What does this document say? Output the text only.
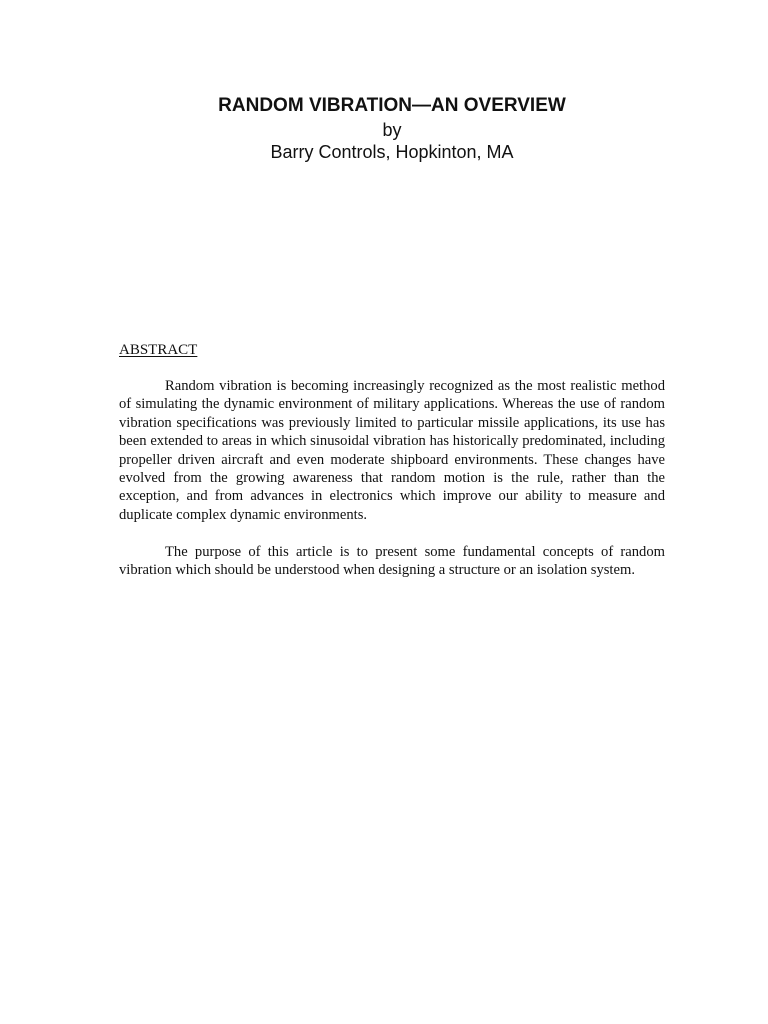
RANDOM VIBRATION—AN OVERVIEW

by

Barry Controls, Hopkinton, MA

ABSTRACT

Random vibration is becoming increasingly recognized as the most realistic method of simulating the dynamic environment of military applications. Whereas the use of random vibration specifications was previously limited to particular missile applications, its use has been extended to areas in which sinusoidal vibration has historically predominated, including propeller driven aircraft and even moderate shipboard environments. These changes have evolved from the growing awareness that random motion is the rule, rather than the exception, and from advances in electronics which improve our ability to measure and duplicate complex dynamic environments.

The purpose of this article is to present some fundamental concepts of random vibration which should be understood when designing a structure or an isolation system.
